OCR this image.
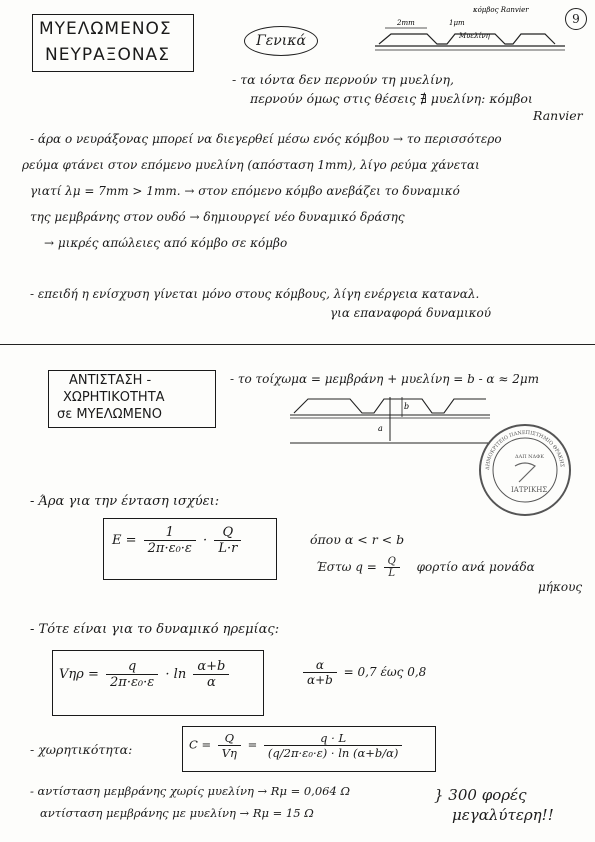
9
ΜΥΕΛΩΜΕΝΟΣ
ΝΕΥΡΑΞΟΝΑΣ
Γενικά
κόμβος Ranvier
2mm	1μm
Μυελίνη
- τα ιόντα δεν περνούν τη μυελίνη,
περνούν όμως στις θέσεις ∄ μυελίνη: κόμβοι
Ranvier
- άρα ο νευράξονας μπορεί να διεγερθεί μέσω ενός κόμβου → το περισσότερο
ρεύμα φτάνει στον επόμενο μυελίνη (απόσταση 1mm), λίγο ρεύμα χάνεται
γιατί λμ = 7mm > 1mm. → στον επόμενο κόμβο ανεβάζει το δυναμικό
της μεμβράνης στον ουδό → δημιουργεί νέο δυναμικό δράσης
→ μικρές απώλειες από κόμβο σε κόμβο
- επειδή η ενίσχυση γίνεται μόνο στους κόμβους, λίγη ενέργεια καταναλ.
για επαναφορά δυναμικού
ΑΝΤΙΣΤΑΣΗ -
ΧΩΡΗΤΙΚΟΤΗΤΑ
σε ΜΥΕΛΩΜΕΝΟ
- το τοίχωμα = μεμβράνη + μυελίνη = b - α ≈ 2μm
b
a
ΔΗΜΟΚΡΙΤΕΙΟ ΠΑΝΕΠΙΣΤΗΜΙΟ ΘΡΑΚΗΣ
ΔΑΠ ΝΔΦΚ
ΙΑΤΡΙΚΗΣ
- Άρα για την ένταση ισχύει:
$E = \frac{1}{\text{2π·ε₀·ε}} \cdot \frac{Q}{L\cdot r}$	όπου α < r < b
Έστω $q = \frac{Q}{L}$ φορτίο ανά μονάδα
μήκους
- Τότε είναι για το δυναμικό ηρεμίας:
$V\eta\rho = \frac{q}{\text{2π·ε₀·ε}} \cdot \ln \frac{\alpha+b}{\alpha}$	$\frac{\alpha}{\alpha+b} = 0,7$ έως 0,8
- χωρητικότητα:	$C = \frac{Q}{V\eta} = \frac{q \cdot L}{\text{(q/2π·ε₀·ε) · ln (α+b/α)}}$
- αντίσταση μεμβράνης χωρίς μυελίνη → Rμ = 0,064 Ω
αντίσταση μεμβράνης με μυελίνη → Rμ = 15 Ω
} 300 φορές
μεγαλύτερη!!
